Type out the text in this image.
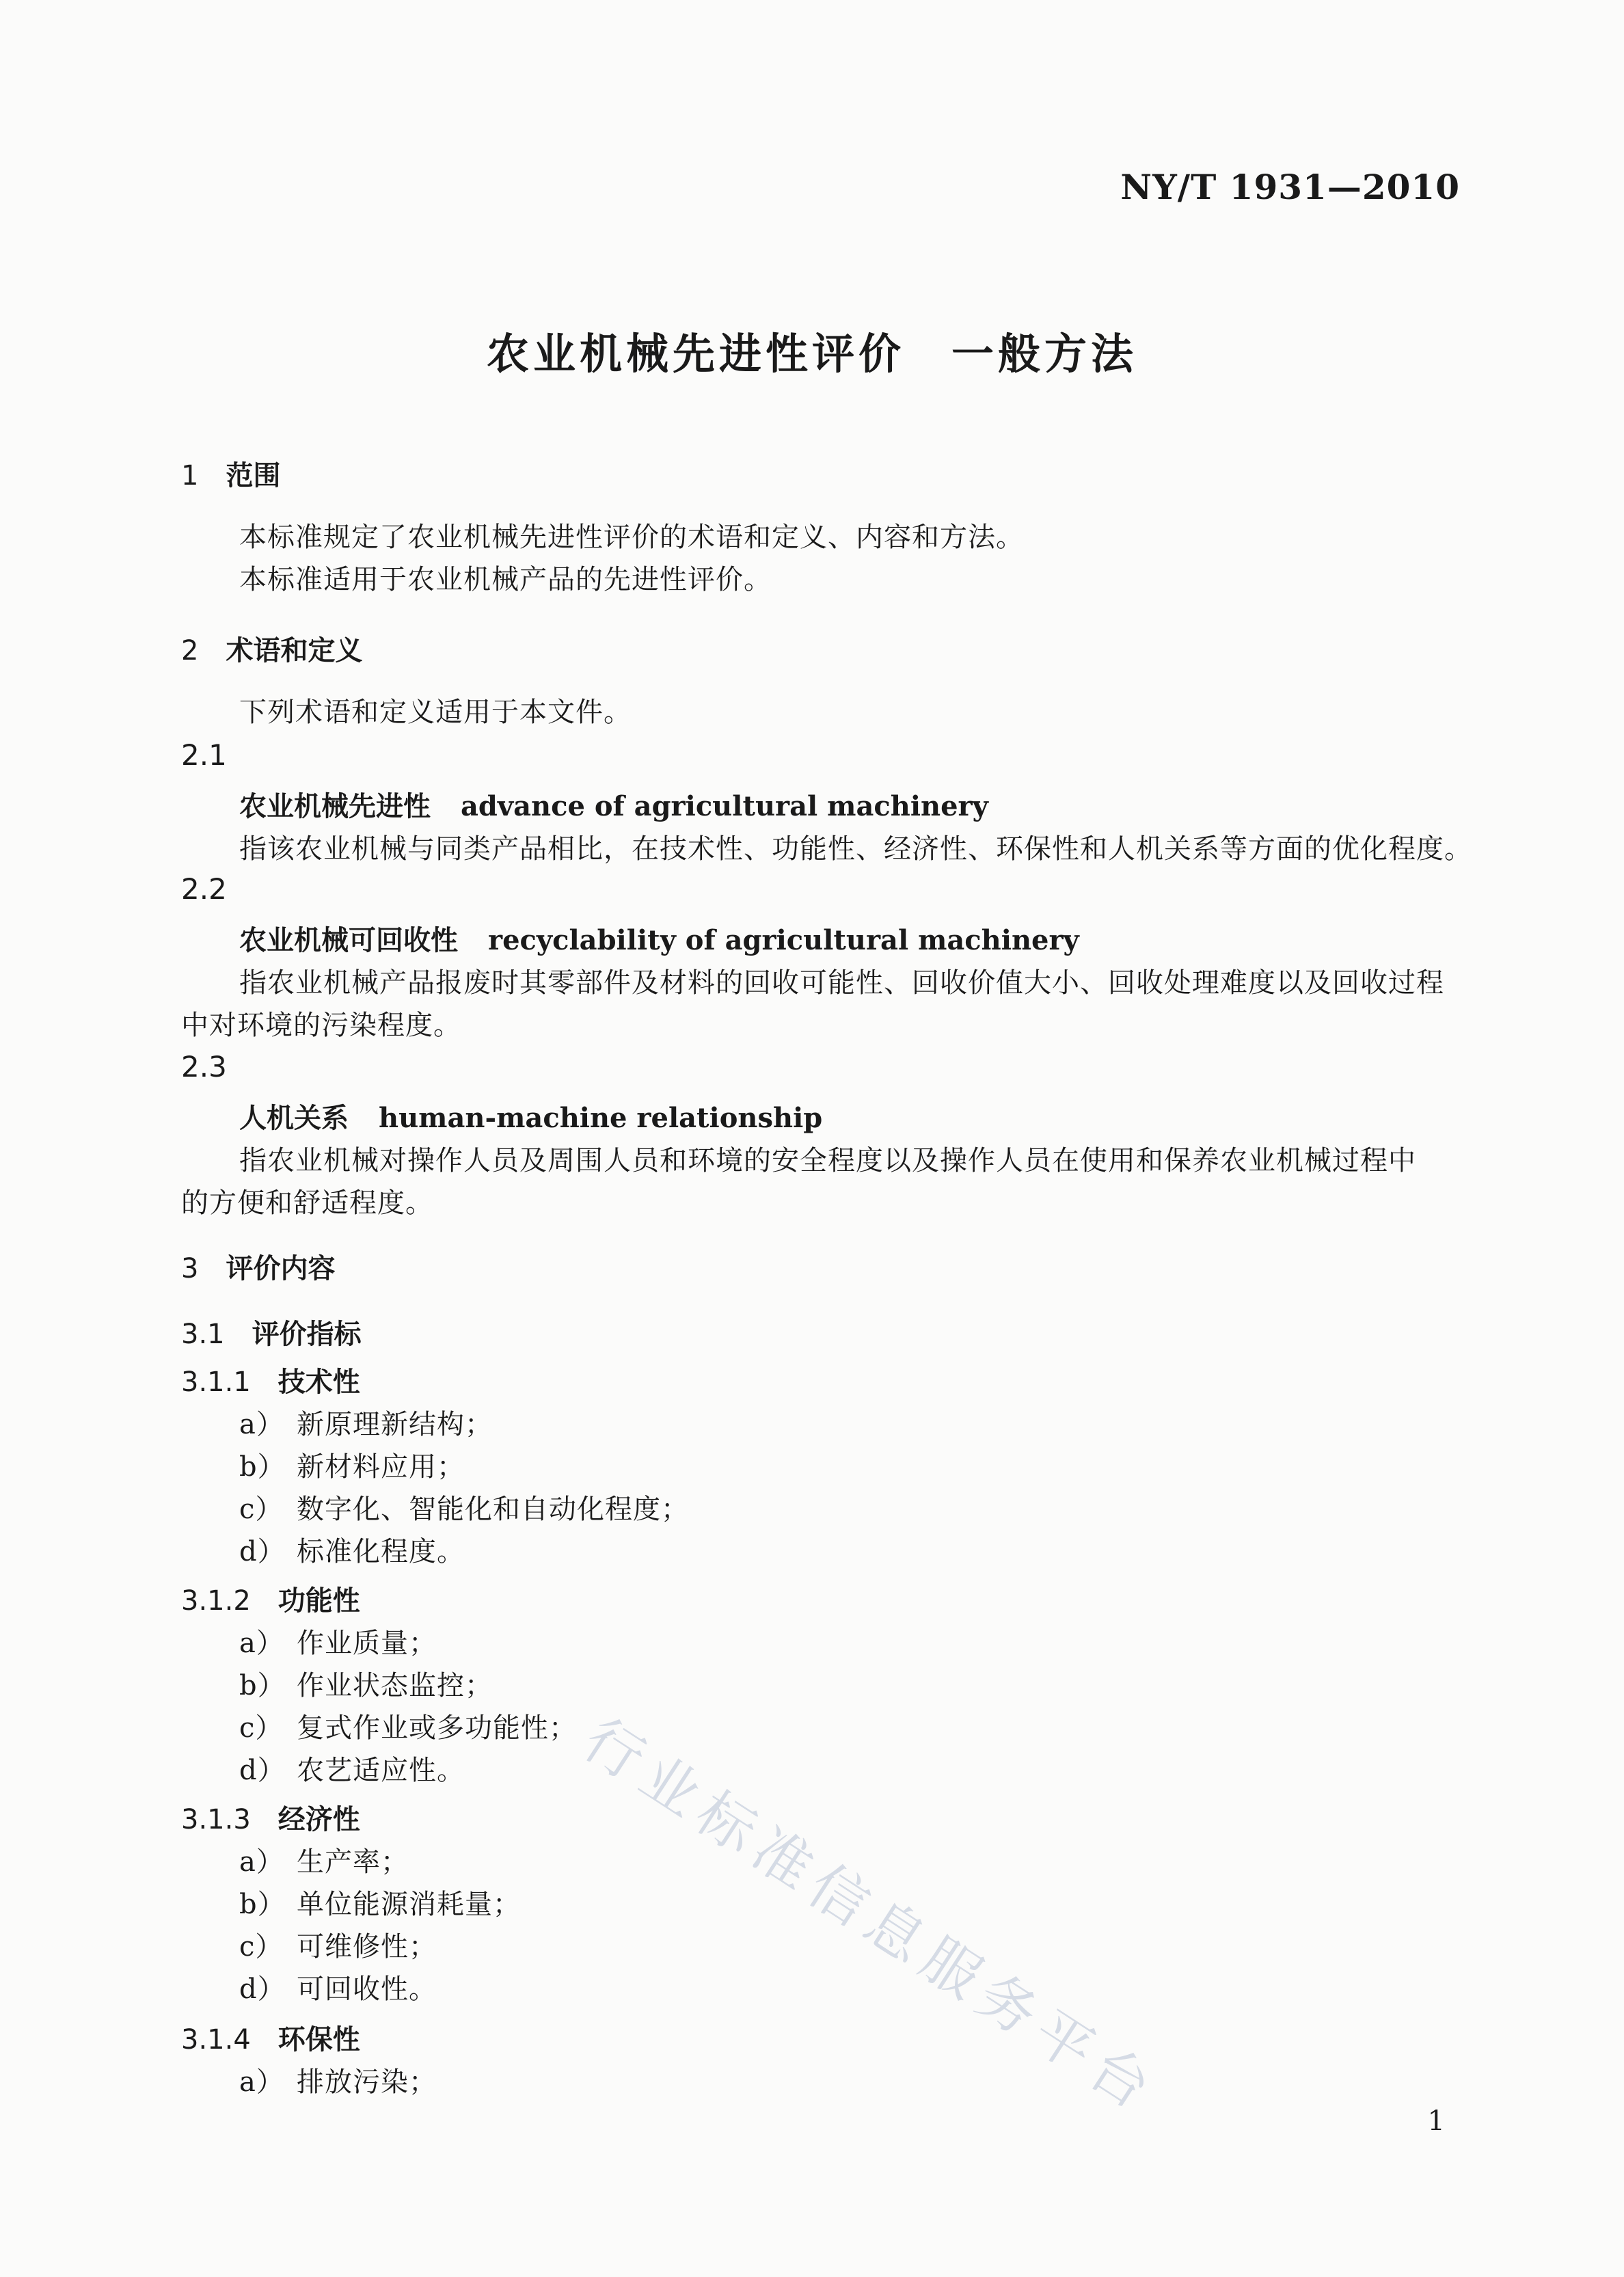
NY/T 1931—2010
农业机械先进性评价　一般方法
1 范围
本标准规定了农业机械先进性评价的术语和定义、内容和方法。
本标准适用于农业机械产品的先进性评价。
2 术语和定义
下列术语和定义适用于本文件。
2.1
农业机械先进性 advance of agricultural machinery
指该农业机械与同类产品相比，在技术性、功能性、经济性、环保性和人机关系等方面的优化程度。
2.2
农业机械可回收性 recyclability of agricultural machinery
指农业机械产品报废时其零部件及材料的回收可能性、回收价值大小、回收处理难度以及回收过程
中对环境的污染程度。
2.3
人机关系 human-machine relationship
指农业机械对操作人员及周围人员和环境的安全程度以及操作人员在使用和保养农业机械过程中
的方便和舒适程度。
3 评价内容
3.1 评价指标
3.1.1 技术性
a） 新原理新结构；
b） 新材料应用；
c） 数字化、智能化和自动化程度；
d） 标准化程度。
3.1.2 功能性
a） 作业质量；
b） 作业状态监控；
c） 复式作业或多功能性；
d） 农艺适应性。
3.1.3 经济性
a） 生产率；
b） 单位能源消耗量；
c） 可维修性；
d） 可回收性。
3.1.4 环保性
a） 排放污染； 行业标准信息服务平台	1
